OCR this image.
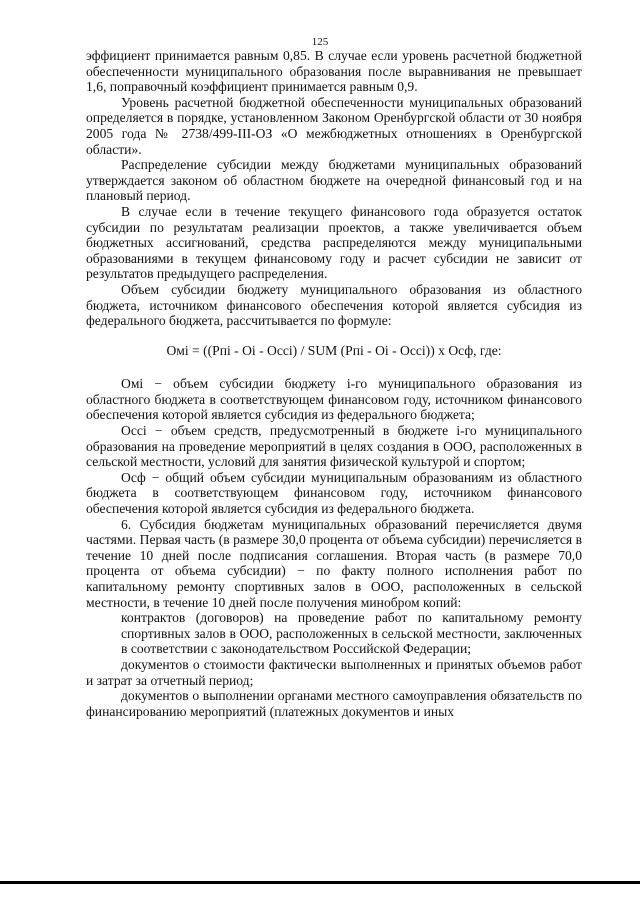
125

эффициент принимается равным 0,85. В случае если уровень расчетной бюджетной обеспеченности муниципального образования после выравнивания не превышает 1,6, поправочный коэффициент принимается равным 0,9.

Уровень расчетной бюджетной обеспеченности муниципальных образований определяется в порядке, установленном Законом Оренбургской области от 30 ноября 2005 года № 2738/499-III-ОЗ «О межбюджетных отношениях в Оренбургской области».

Распределение субсидии между бюджетами муниципальных образований утверждается законом об областном бюджете на очередной финансовый год и на плановый период.

В случае если в течение текущего финансового года образуется остаток субсидии по результатам реализации проектов, а также увеличивается объем бюджетных ассигнований, средства распределяются между муниципальными образованиями в текущем финансовому году и расчет субсидии не зависит от результатов предыдущего распределения.

Объем субсидии бюджету муниципального образования из областного бюджета, источником финансового обеспечения которой является субсидия из федерального бюджета, рассчитывается по формуле:

Омі = ((Рпі - Оі - Осcі) / SUM (Рпі - Оі - Осcі)) х Осф, где:

Омі − объем субсидии бюджету і-го муниципального образования из областного бюджета в соответствующем финансовом году, источником финансового обеспечения которой является субсидия из федерального бюджета;

Осcі − объем средств, предусмотренный в бюджете і-го муниципального образования на проведение мероприятий в целях создания в ООО, расположенных в сельской местности, условий для занятия физической культурой и спортом;

Осф − общий объем субсидии муниципальным образованиям из областного бюджета в соответствующем финансовом году, источником финансового обеспечения которой является субсидия из федерального бюджета.

6. Субсидия бюджетам муниципальных образований перечисляется двумя частями. Первая часть (в размере 30,0 процента от объема субсидии) перечисляется в течение 10 дней после подписания соглашения. Вторая часть (в размере 70,0 процента от объема субсидии) − по факту полного исполнения работ по капитальному ремонту спортивных залов в ООО, расположенных в сельской местности, в течение 10 дней после получения минобром копий:

контрактов (договоров) на проведение работ по капитальному ремонту спортивных залов в ООО, расположенных в сельской местности, заключенных в соответствии с законодательством Российской Федерации;

документов о стоимости фактически выполненных и принятых объемов работ и затрат за отчетный период;

документов о выполнении органами местного самоуправления обязательств по финансированию мероприятий (платежных документов и иных
